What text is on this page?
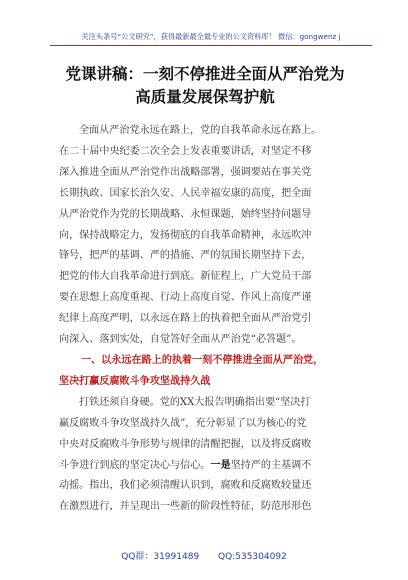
关注头条号“公文研究”，获得最新最全最专业的公文资料库！ 微信：gongwenz j
党课讲稿：一刻不停推进全面从严治党为
高质量发展保驾护航

全面从严治党永远在路上，党的自我革命永远在路上。

在二十届中央纪委二次全会上发表重要讲话，对坚定不移

深入推进全面从严治党作出战略部署，强调要站在事关党

长期执政、国家长治久安、人民幸福安康的高度，把全面

从严治党作为党的长期战略、永恒课题，始终坚持问题导

向，保持战略定力，发扬彻底的自我革命精神，永远吹冲

锋号，把严的基调、严的措施、严的氛围长期坚持下去，

把党的伟大自我革命进行到底。新征程上，广大党员干部

要在思想上高度重视、行动上高度自觉、作风上高度严谨

纪律上高度严明，以永远在路上的执着把全面从严治党引

向深入、落到实处，自觉答好全面从严治党“必答题”。

一、以永远在路上的执着一刻不停推进全面从严治党，

坚决打赢反腐败斗争攻坚战持久战

打铁还须自身硬。党的XX大报告明确指出要“坚决打

赢反腐败斗争攻坚战持久战”，充分彰显了以为核心的党

中央对反腐败斗争形势与规律的清醒把握，以及将反腐败

斗争进行到底的坚定决心与信心。一是坚持严的主基调不

动摇。指出，我们必须清醒认识到，腐败和反腐败较量还

在激烈进行，并呈现出一些新的阶段性特征，防范形形色

QQ群：31991489 QQ:535304092
